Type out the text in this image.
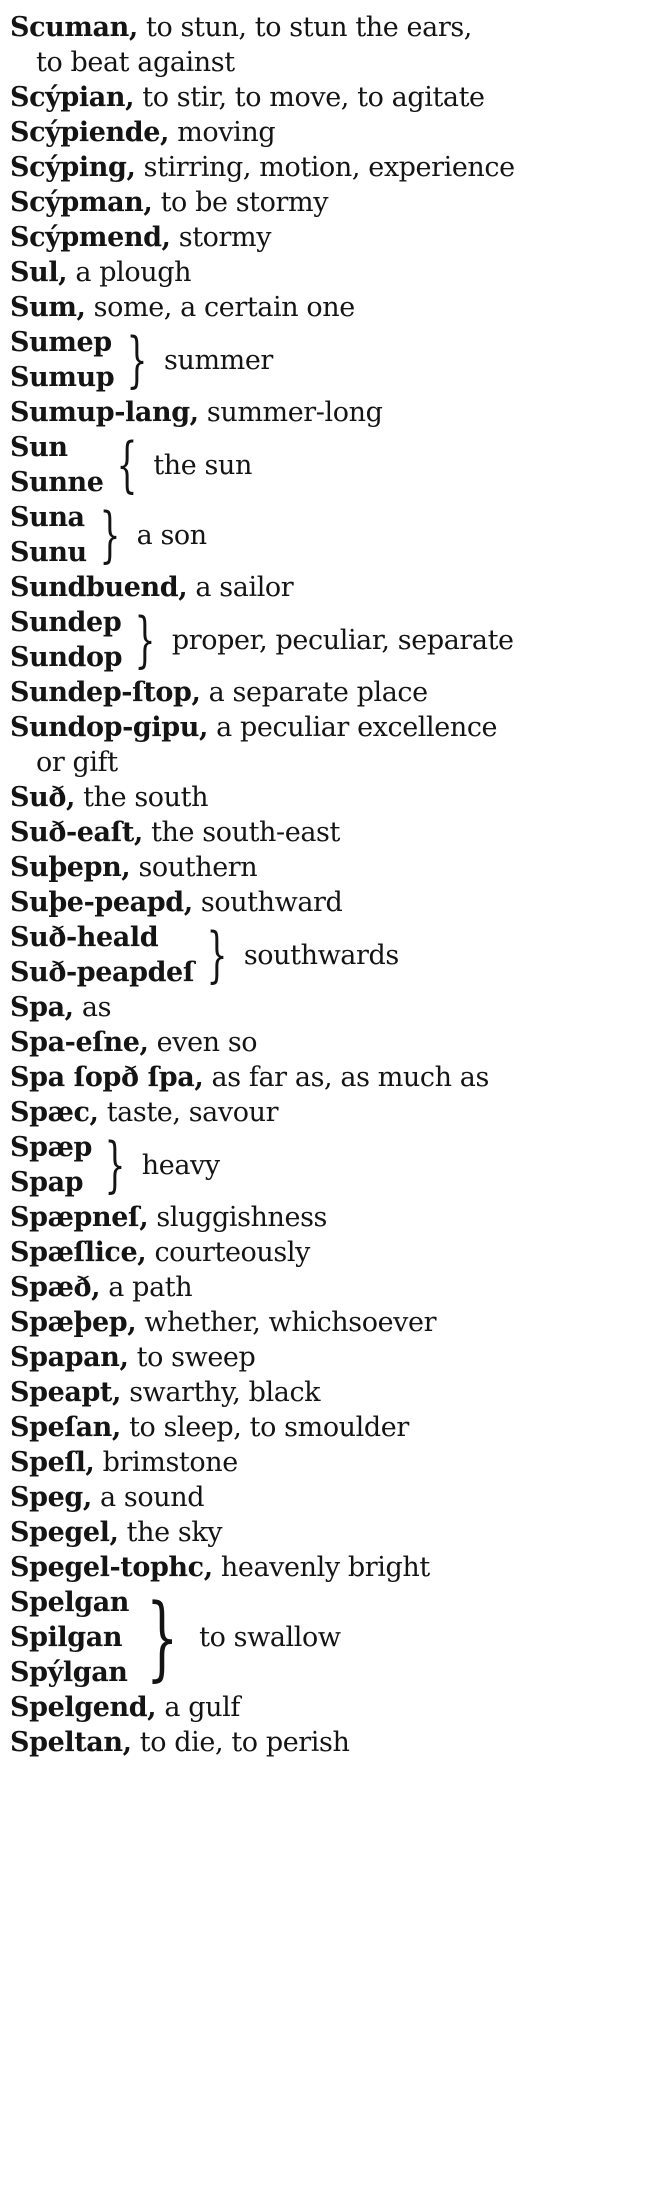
Scuman, to stun, to stun the ears,
to beat against
Scýpian, to stir, to move, to agitate
Scýpiende, moving
Scýping, stirring, motion, experience
Scýpman, to be stormy
Scýpmend, stormy
Sul, a plough
Sum, some, a certain one
Sumep
Sumup } summer
Sumup-lang, summer-long
Sun
Sunne { the sun
Suna
Sunu } a son
Sundbuend, a sailor
Sundep
Sundop } proper, peculiar, separate
Sundep-ſtop, a separate place
Sundop-gipu, a peculiar excellence
or gift
Suð, the south
Suð-eaſt, the south-east
Suþepn, southern
Suþe-peapd, southward
Suð-heald
Suð-peapdeſ } southwards
Spa, as
Spa-eſne, even so
Spa ſopð ſpa, as far as, as much as
Spæc, taste, savour
Spæp
Spap } heavy
Spæpneſ, sluggishness
Spæſlice, courteously
Spæð, a path
Spæþep, whether, whichsoever
Spapan, to sweep
Speapt, swarthy, black
Speſan, to sleep, to smoulder
Speſl, brimstone
Speg, a sound
Spegel, the sky
Spegel-tophc, heavenly bright
Spelgan
Spilgan
Spýlgan } to swallow
Spelgend, a gulf
Speltan, to die, to perish
